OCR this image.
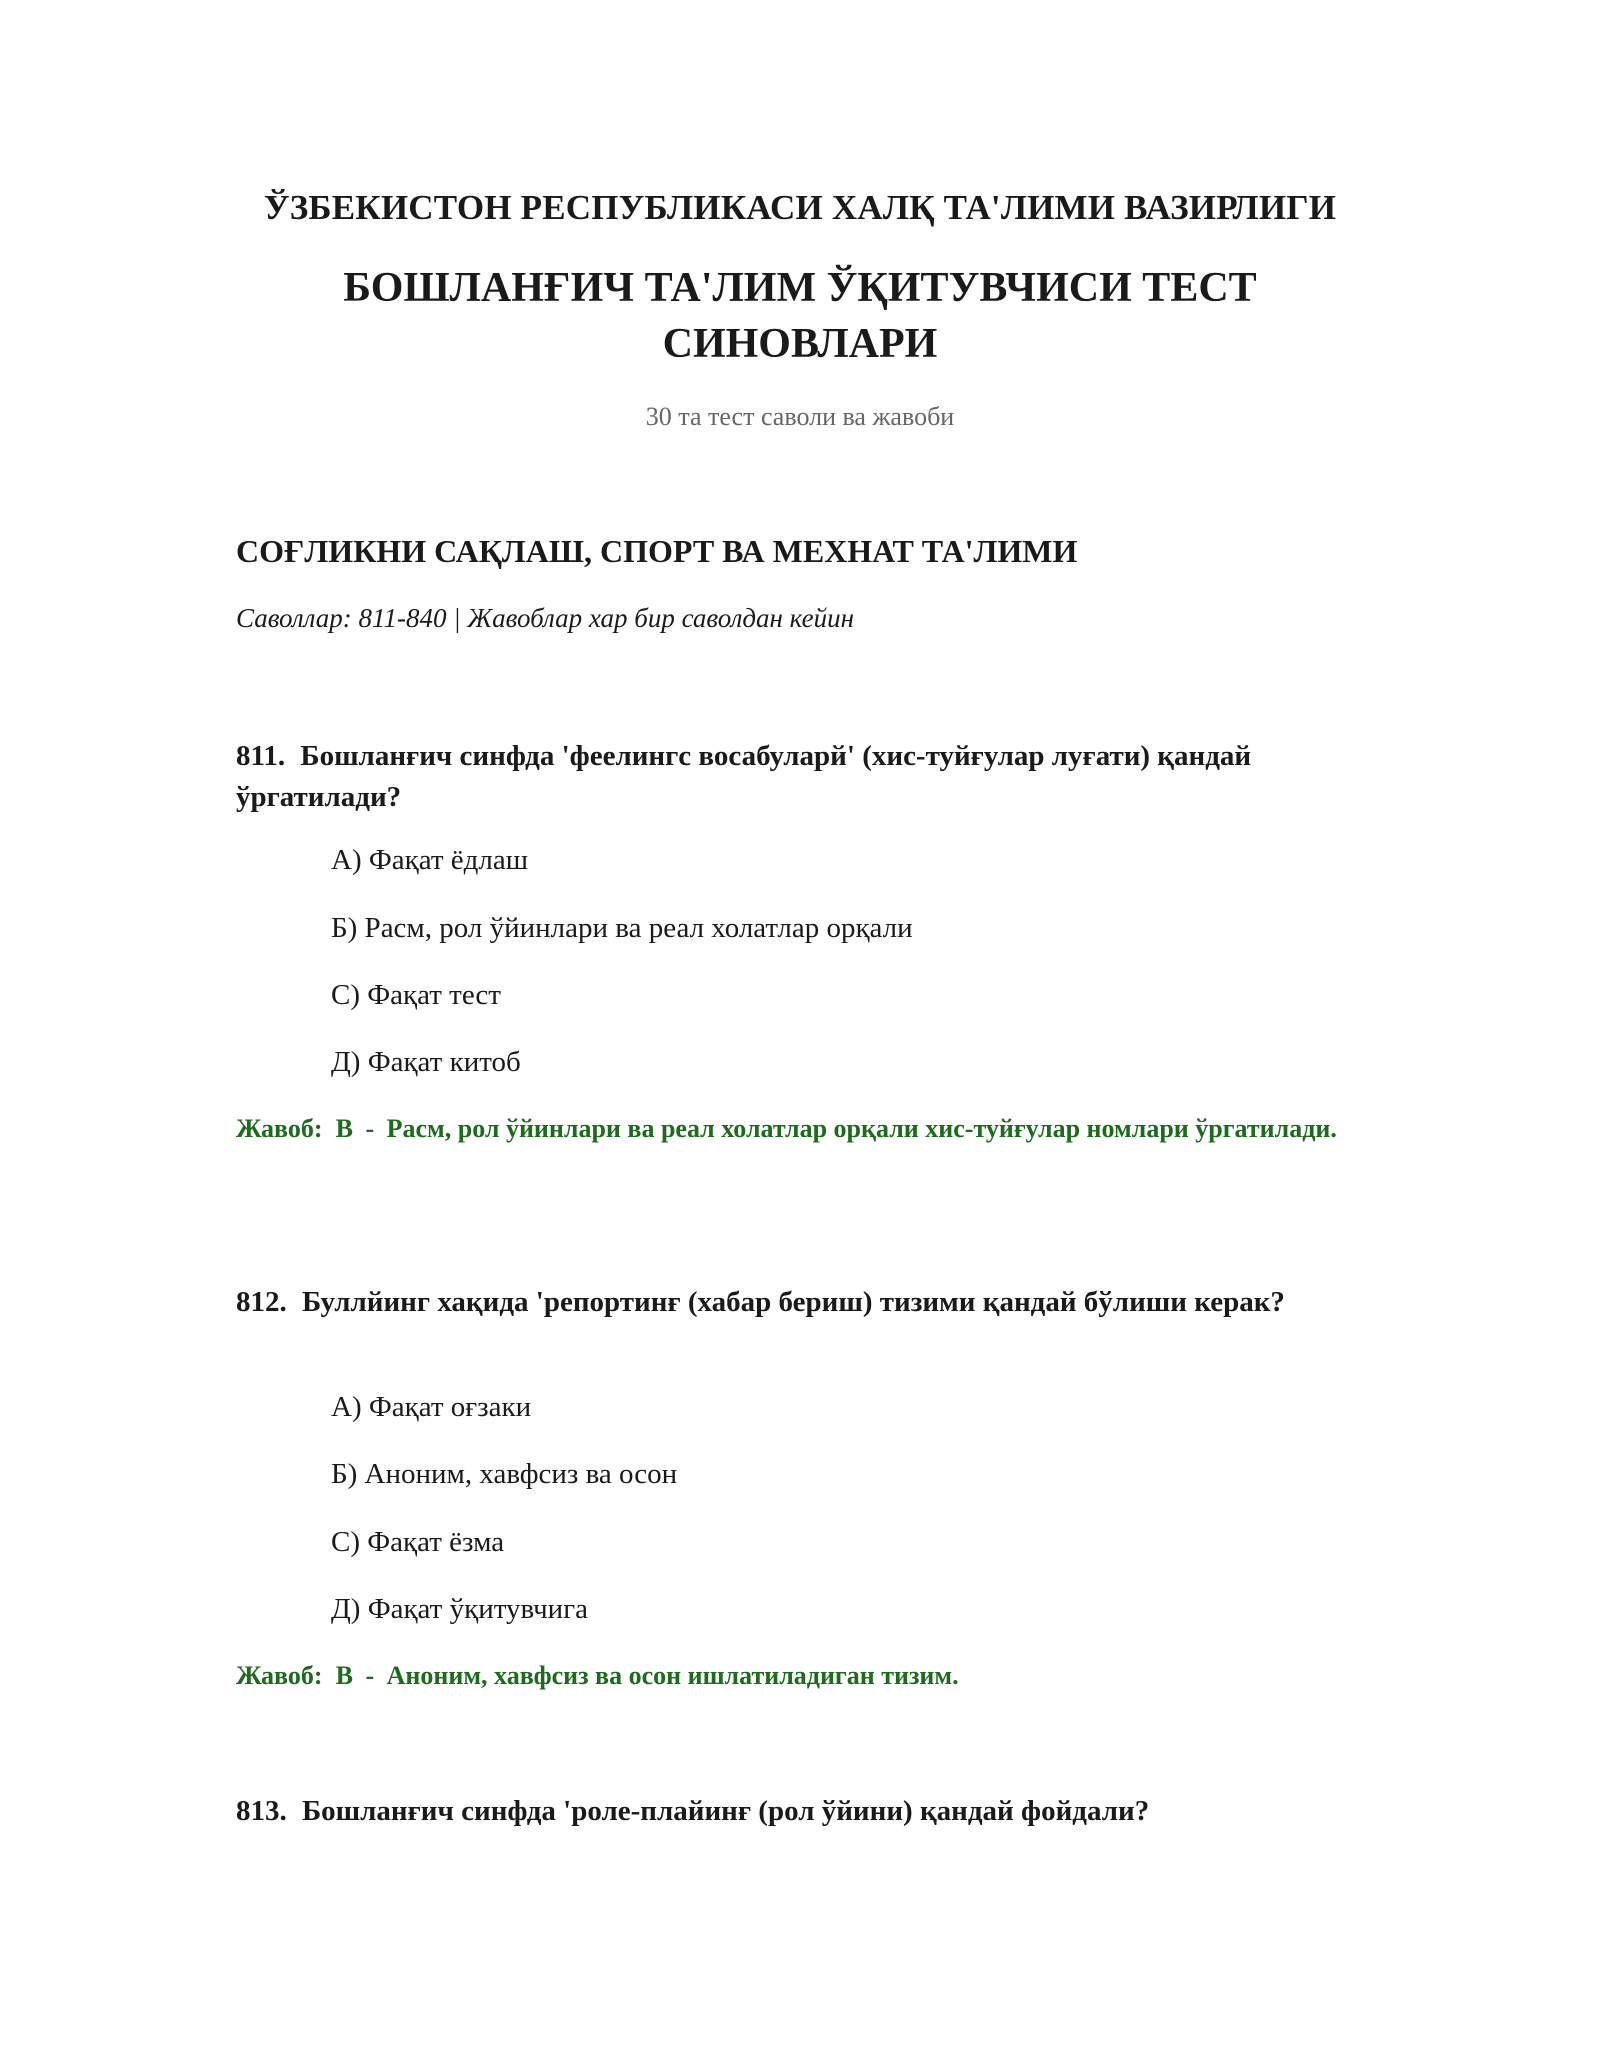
ЎЗБЕКИСТОН РЕСПУБЛИКАСИ ХАЛҚ ТА'ЛИМИ ВАЗИРЛИГИ

БОШЛАНҒИЧ ТА'ЛИМ ЎҚИТУВЧИСИ ТЕСТ
СИНОВЛАРИ

30 та тест саволи ва жавоби

СОҒЛИКНИ САҚЛАШ, СПОРТ ВА МЕХНАТ ТА'ЛИМИ

Саволлар: 811-840 | Жавоблар хар бир саволдан кейин

811. Бошланғич синфда 'феелингс восабуларй' (хис-туйғулар луғати) қандай ўргатилади?

А) Фақат ёдлаш

Б) Расм, рол ўйинлари ва реал холатлар орқали

С) Фақат тест

Д) Фақат китоб

Жавоб: B - Расм, рол ўйинлари ва реал холатлар орқали хис-туйғулар номлари ўргатилади.
812. Буллйинг хақида 'репортинғ (хабар бериш) тизими қандай бўлиши керак?

А) Фақат оғзаки

Б) Аноним, хавфсиз ва осон

С) Фақат ёзма

Д) Фақат ўқитувчига

Жавоб: B - Аноним, хавфсиз ва осон ишлатиладиган тизим.
813. Бошланғич синфда 'роле-плайинғ (рол ўйини) қандай фойдали?
